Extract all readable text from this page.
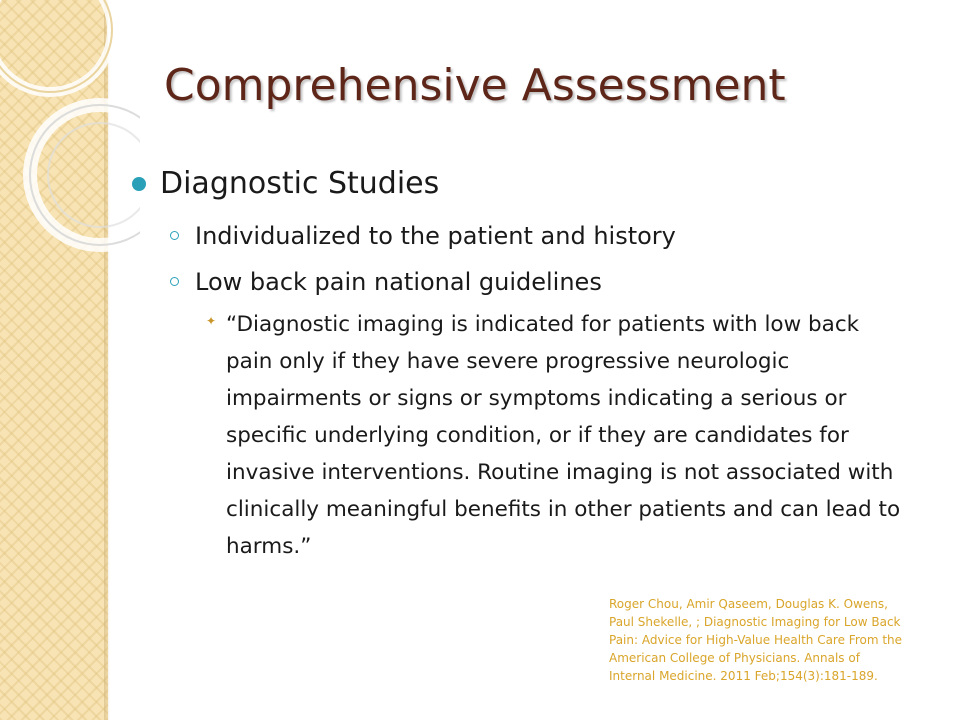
Comprehensive Assessment
Diagnostic Studies
Individualized to the patient and history
Low back pain national guidelines
✦ “Diagnostic imaging is indicated for patients with low back pain only if they have severe progressive neurologic impairments or signs or symptoms indicating a serious or specific underlying condition, or if they are candidates for invasive interventions. Routine imaging is not associated with clinically meaningful benefits in other patients and can lead to harms.”
Roger Chou, Amir Qaseem, Douglas K. Owens, Paul Shekelle, ; Diagnostic Imaging for Low Back Pain: Advice for High-Value Health Care From the American College of Physicians. Annals of Internal Medicine. 2011 Feb;154(3):181-189.
